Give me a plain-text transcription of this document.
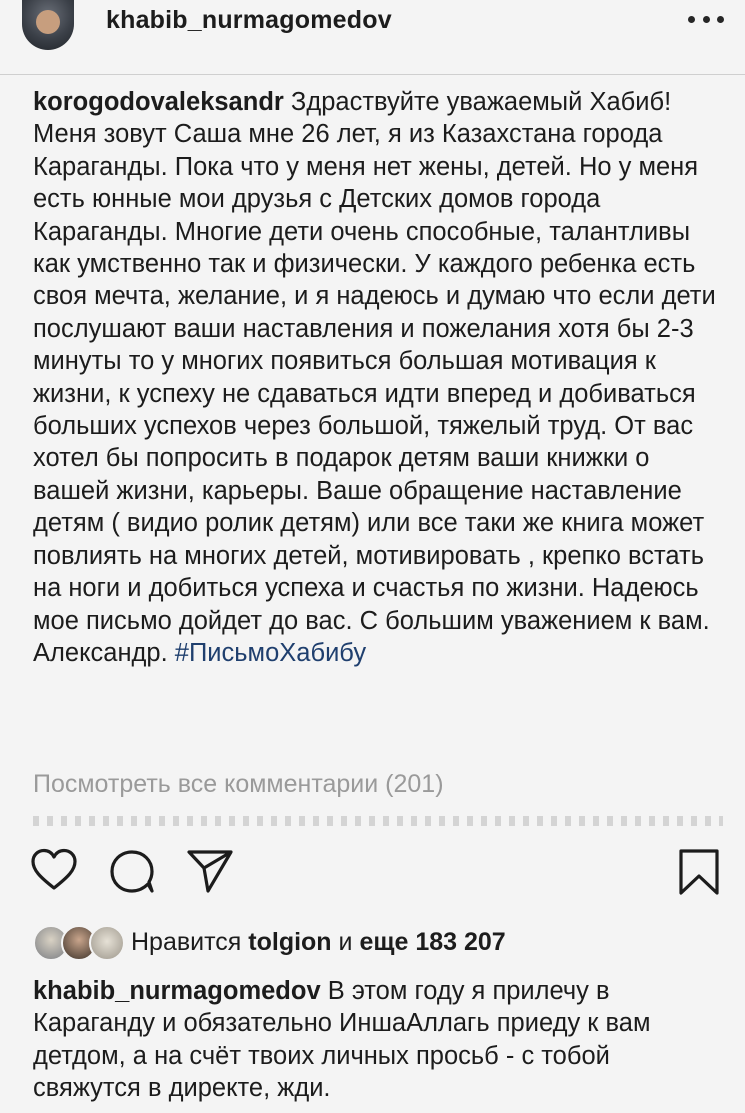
khabib_nurmagomedov
korogodovaleksandr Здраствуйте уважаемый Хабиб! Меня зовут Саша мне 26 лет, я из Казахстана города Караганды. Пока что у меня нет жены, детей. Но у меня есть юнные мои друзья с Детских домов города Караганды. Многие дети очень способные, талантливы как умственно так и физически. У каждого ребенка есть своя мечта, желание, и я надеюсь и думаю что если дети послушают ваши наставления и пожелания хотя бы 2-3 минуты то у многих появиться большая мотивация к жизни, к успеху не сдаваться идти вперед и добиваться больших успехов через большой, тяжелый труд. От вас хотел бы попросить в подарок детям ваши книжки о вашей жизни, карьеры. Ваше обращение наставление детям ( видио ролик детям) или все таки же книга может повлиять на многих детей, мотивировать , крепко встать на ноги и добиться успеха и счастья по жизни. Надеюсь мое письмо дойдет до вас. С большим уважением к вам. Александр. #ПисьмоХабибу
Посмотреть все комментарии (201)
Нравится
tolgion
и
еще 183 207
khabib_nurmagomedov В этом году я прилечу в Караганду и обязательно ИншаАллагь приеду к вам детдом, а на счёт твоих личных просьб - с тобой свяжутся в директе, жди.
